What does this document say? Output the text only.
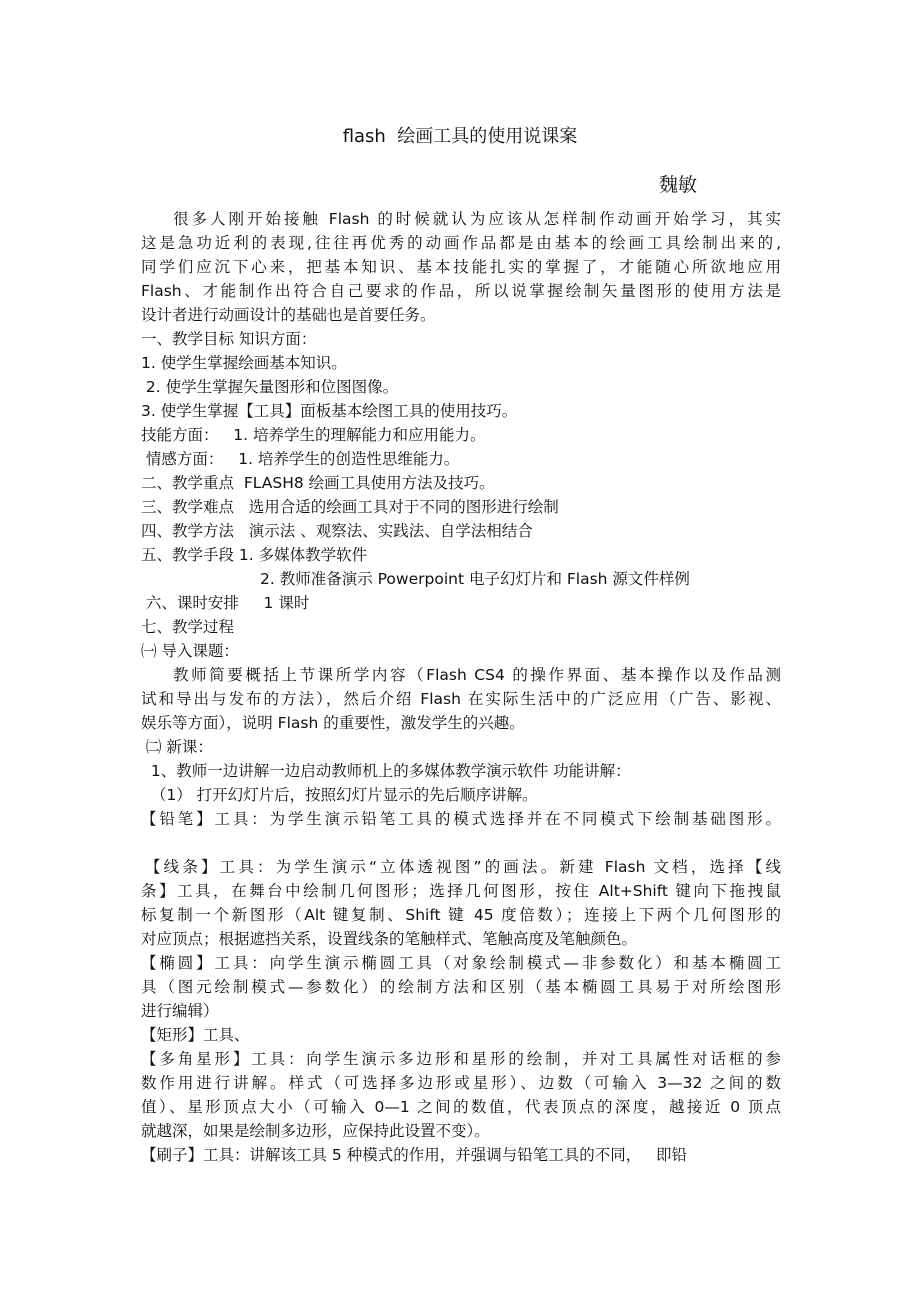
flash  绘画工具的使用说课案
魏敏
很多人刚开始接触 Flash 的时候就认为应该从怎样制作动画开始学习，其实
这是急功近利的表现,往往再优秀的动画作品都是由基本的绘画工具绘制出来的,
同学们应沉下心来，把基本知识、基本技能扎实的掌握了，才能随心所欲地应用
Flash、才能制作出符合自己要求的作品，所以说掌握绘制矢量图形的使用方法是
设计者进行动画设计的基础也是首要任务。
一、教学目标 知识方面：
1. 使学生掌握绘画基本知识。
2. 使学生掌握矢量图形和位图图像。
3. 使学生掌握【工具】面板基本绘图工具的使用技巧。
技能方面：   1. 培养学生的理解能力和应用能力。
情感方面：   1. 培养学生的创造性思维能力。
二、教学重点  FLASH8 绘画工具使用方法及技巧。
三、教学难点   选用合适的绘画工具对于不同的图形进行绘制
四、教学方法   演示法 、观察法、实践法、自学法相结合
五、教学手段 1. 多媒体教学软件
2. 教师准备演示 Powerpoint 电子幻灯片和 Flash 源文件样例
六、课时安排     1 课时
七、教学过程
㈠ 导入课题：
教师简要概括上节课所学内容（Flash CS4 的操作界面、基本操作以及作品测
试和导出与发布的方法），然后介绍 Flash 在实际生活中的广泛应用（广告、影视、
娱乐等方面），说明 Flash 的重要性，激发学生的兴趣。
㈡ 新课：
1、教师一边讲解一边启动教师机上的多媒体教学演示软件 功能讲解：
（1） 打开幻灯片后，按照幻灯片显示的先后顺序讲解。
【铅笔】工具：为学生演示铅笔工具的模式选择并在不同模式下绘制基础图形。
【线条】工具：为学生演示“立体透视图”的画法。新建 Flash 文档，选择【线
条】工具，在舞台中绘制几何图形；选择几何图形，按住 Alt+Shift 键向下拖拽鼠
标复制一个新图形（Alt 键复制、Shift 键 45 度倍数）；连接上下两个几何图形的
对应顶点；根据遮挡关系，设置线条的笔触样式、笔触高度及笔触颜色。
【椭圆】工具：向学生演示椭圆工具（对象绘制模式—非参数化）和基本椭圆工
具（图元绘制模式—参数化）的绘制方法和区别（基本椭圆工具易于对所绘图形
进行编辑）
【矩形】工具、
【多角星形】工具：向学生演示多边形和星形的绘制，并对工具属性对话框的参
数作用进行讲解。样式（可选择多边形或星形）、边数（可输入 3—32 之间的数
值）、星形顶点大小（可输入 0—1 之间的数值，代表顶点的深度，越接近 0 顶点
就越深，如果是绘制多边形，应保持此设置不变）。
【刷子】工具：讲解该工具 5 种模式的作用，并强调与铅笔工具的不同，   即铅
